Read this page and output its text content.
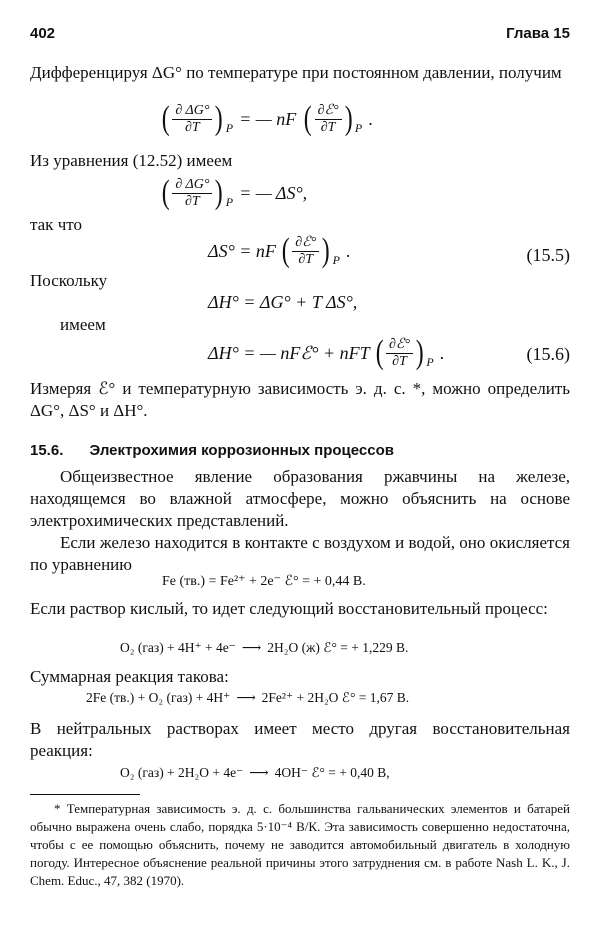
402	Глава 15
Дифференцируя ΔG° по температуре при постоянном давлении, получим
( $\frac{\partial \Delta G^\circ}{\partial T}$ ) P = — nF ( $\frac{\text{∂ℰ°}}{\partial T}$ ) P .
Из уравнения (12.52) имеем
( $\frac{\partial \Delta G^\circ}{\partial T}$ ) P = — ΔS°,
так что
ΔS° = nF ( $\frac{\text{∂ℰ°}}{\partial T}$ ) P .	(15.5)
Поскольку
ΔH° = ΔG° + T ΔS°,
имеем
ΔH° = — nFℰ° + nFT ( $\frac{\text{∂ℰ°}}{\partial T}$ ) P .	(15.6)
Измеряя ℰ° и температурную зависимость э. д. с. *, можно определить ΔG°, ΔS° и ΔH°.
15.6. Электрохимия коррозионных процессов
Общеизвестное явление образования ржавчины на железе, находящемся во влажной атмосфере, можно объяснить на основе электрохимических представлений.
Если железо находится в контакте с воздухом и водой, оно окисляется по уравнению
Fe (тв.) = Fe²⁺ + 2e⁻ ℰ° = + 0,44 В.
Если раствор кислый, то идет следующий восстановительный процесс:
O₂ (газ) + 4H⁺ + 4e⁻ ⟶ 2H₂O (ж) ℰ° = + 1,229 В.
Суммарная реакция такова:
2Fe (тв.) + O₂ (газ) + 4H⁺ ⟶ 2Fe²⁺ + 2H₂O ℰ° = 1,67 В.
В нейтральных растворах имеет место другая восстановительная реакция:
O₂ (газ) + 2H₂O + 4e⁻ ⟶ 4OH⁻ ℰ° = + 0,40 В,
* Температурная зависимость э. д. с. большинства гальванических элементов и батарей обычно выражена очень слабо, порядка 5·10⁻⁴ В/К. Эта зависимость совершенно недостаточна, чтобы с ее помощью объяснить, почему не заводится автомобильный двигатель в холодную погоду. Интересное объяснение реальной причины этого затруднения см. в работе Nash L. K., J. Chem. Educ., 47, 382 (1970).
